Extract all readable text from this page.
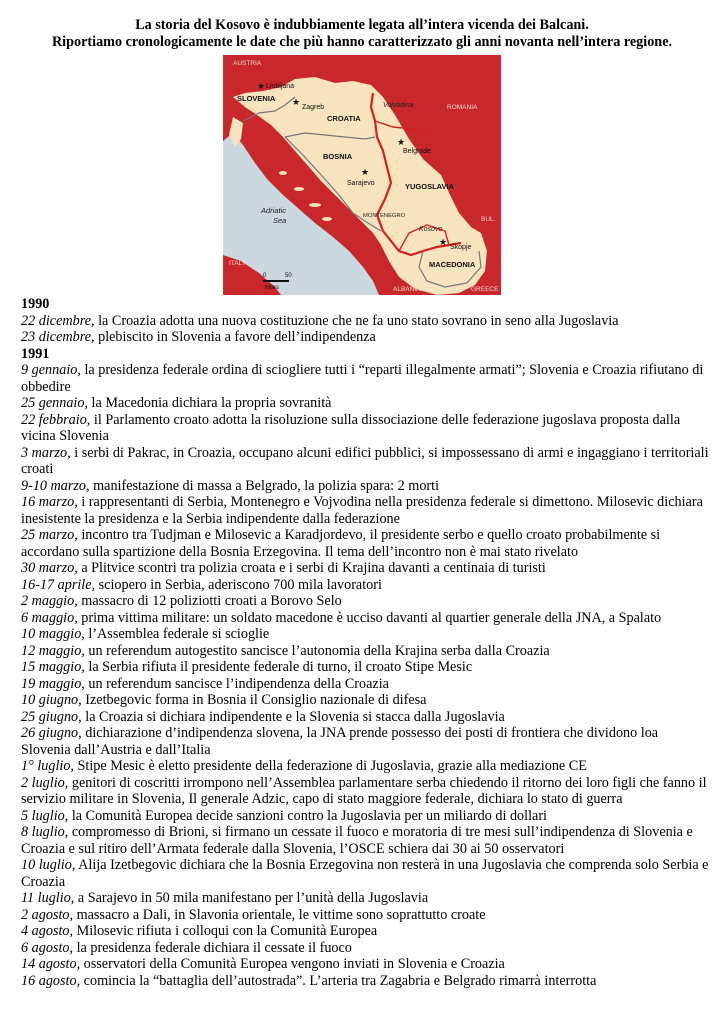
La storia del Kosovo è indubbiamente legata all’intera vicenda dei Balcani.
Riportiamo cronologicamente le date che più hanno caratterizzato gli anni novanta nell’intera regione.
SLOVENIA
CROATIA
BOSNIA
YUGOSLAVIA
MACEDONIA
AUSTRIA
ROMANIA
ITALY
ALBANIA	GREECE
BUL.
Vojvodina
Kosovo
MONTENEGRO
Adriatic
Sea
★ Ljubljana
★
Zagreb
★
Belgrade
★
Sarajevo
★
Skopje
0	50
Miles
1990
22 dicembre, la Croazia adotta una nuova costituzione che ne fa uno stato sovrano in seno alla Jugoslavia
23 dicembre, plebiscito in Slovenia a favore dell’indipendenza
1991
9 gennaio, la presidenza federale ordina di sciogliere tutti i “reparti illegalmente armati”; Slovenia e Croazia rifiutano di obbedire
25 gennaio, la Macedonia dichiara la propria sovranità
22 febbraio, il Parlamento croato adotta la risoluzione sulla dissociazione delle federazione jugoslava proposta dalla vicina Slovenia
3 marzo, i serbi di Pakrac, in Croazia, occupano alcuni edifici pubblici, si impossessano di armi e ingaggiano i territoriali croati
9-10 marzo, manifestazione di massa a Belgrado, la polizia spara: 2 morti
16 marzo, i rappresentanti di Serbia, Montenegro e Vojvodina nella presidenza federale si dimettono. Milosevic dichiara inesistente la presidenza e la Serbia indipendente dalla federazione
25 marzo, incontro tra Tudjman e Milosevic a Karadjordevo, il presidente serbo e quello croato probabilmente si accordano sulla spartizione della Bosnia Erzegovina. Il tema dell’incontro non è mai stato rivelato
30 marzo, a Plitvice scontri tra polizia croata e i serbi di Krajina davanti a centinaia di turisti
16-17 aprile, sciopero in Serbia, aderiscono 700 mila lavoratori
2 maggio, massacro di 12 poliziotti croati a Borovo Selo
6 maggio, prima vittima militare: un soldato macedone è ucciso davanti al quartier generale della JNA, a Spalato
10 maggio, l’Assemblea federale si scioglie
12 maggio, un referendum autogestito sancisce l’autonomia della Krajina serba dalla Croazia
15 maggio, la Serbia rifiuta il presidente federale di turno, il croato Stipe Mesic
19 maggio, un referendum sancisce l’indipendenza della Croazia
10 giugno, Izetbegovic forma in Bosnia il Consiglio nazionale di difesa
25 giugno, la Croazia si dichiara indipendente e la Slovenia si stacca dalla Jugoslavia
26 giugno, dichiarazione d’indipendenza slovena, la JNA prende possesso dei posti di frontiera che dividono loa Slovenia dall’Austria e dall’Italia
1° luglio, Stipe Mesic è eletto presidente della federazione di Jugoslavia, grazie alla mediazione CE
2 luglio, genitori di coscritti irrompono nell’Assemblea parlamentare serba chiedendo il ritorno dei loro figli che fanno il servizio militare in Slovenia, Il generale Adzic, capo di stato maggiore federale, dichiara lo stato di guerra
5 luglio, la Comunità Europea decide sanzioni contro la Jugoslavia per un miliardo di dollari
8 luglio, compromesso di Brioni, si firmano un cessate il fuoco e moratoria di tre mesi sull’indipendenza di Slovenia e Croazia e sul ritiro dell’Armata federale dalla Slovenia, l’OSCE schiera dai 30 ai 50 osservatori
10 luglio, Alija Izetbegovic dichiara che la Bosnia Erzegovina non resterà in una Jugoslavia che comprenda solo Serbia e Croazia
11 luglio, a Sarajevo in 50 mila manifestano per l’unità della Jugoslavia
2 agosto, massacro a Dali, in Slavonia orientale, le vittime sono soprattutto croate
4 agosto, Milosevic rifiuta i colloqui con la Comunità Europea
6 agosto, la presidenza federale dichiara il cessate il fuoco
14 agosto, osservatori della Comunità Europea vengono inviati in Slovenia e Croazia
16 agosto, comincia la “battaglia dell’autostrada”. L’arteria tra Zagabria e Belgrado rimarrà interrotta
